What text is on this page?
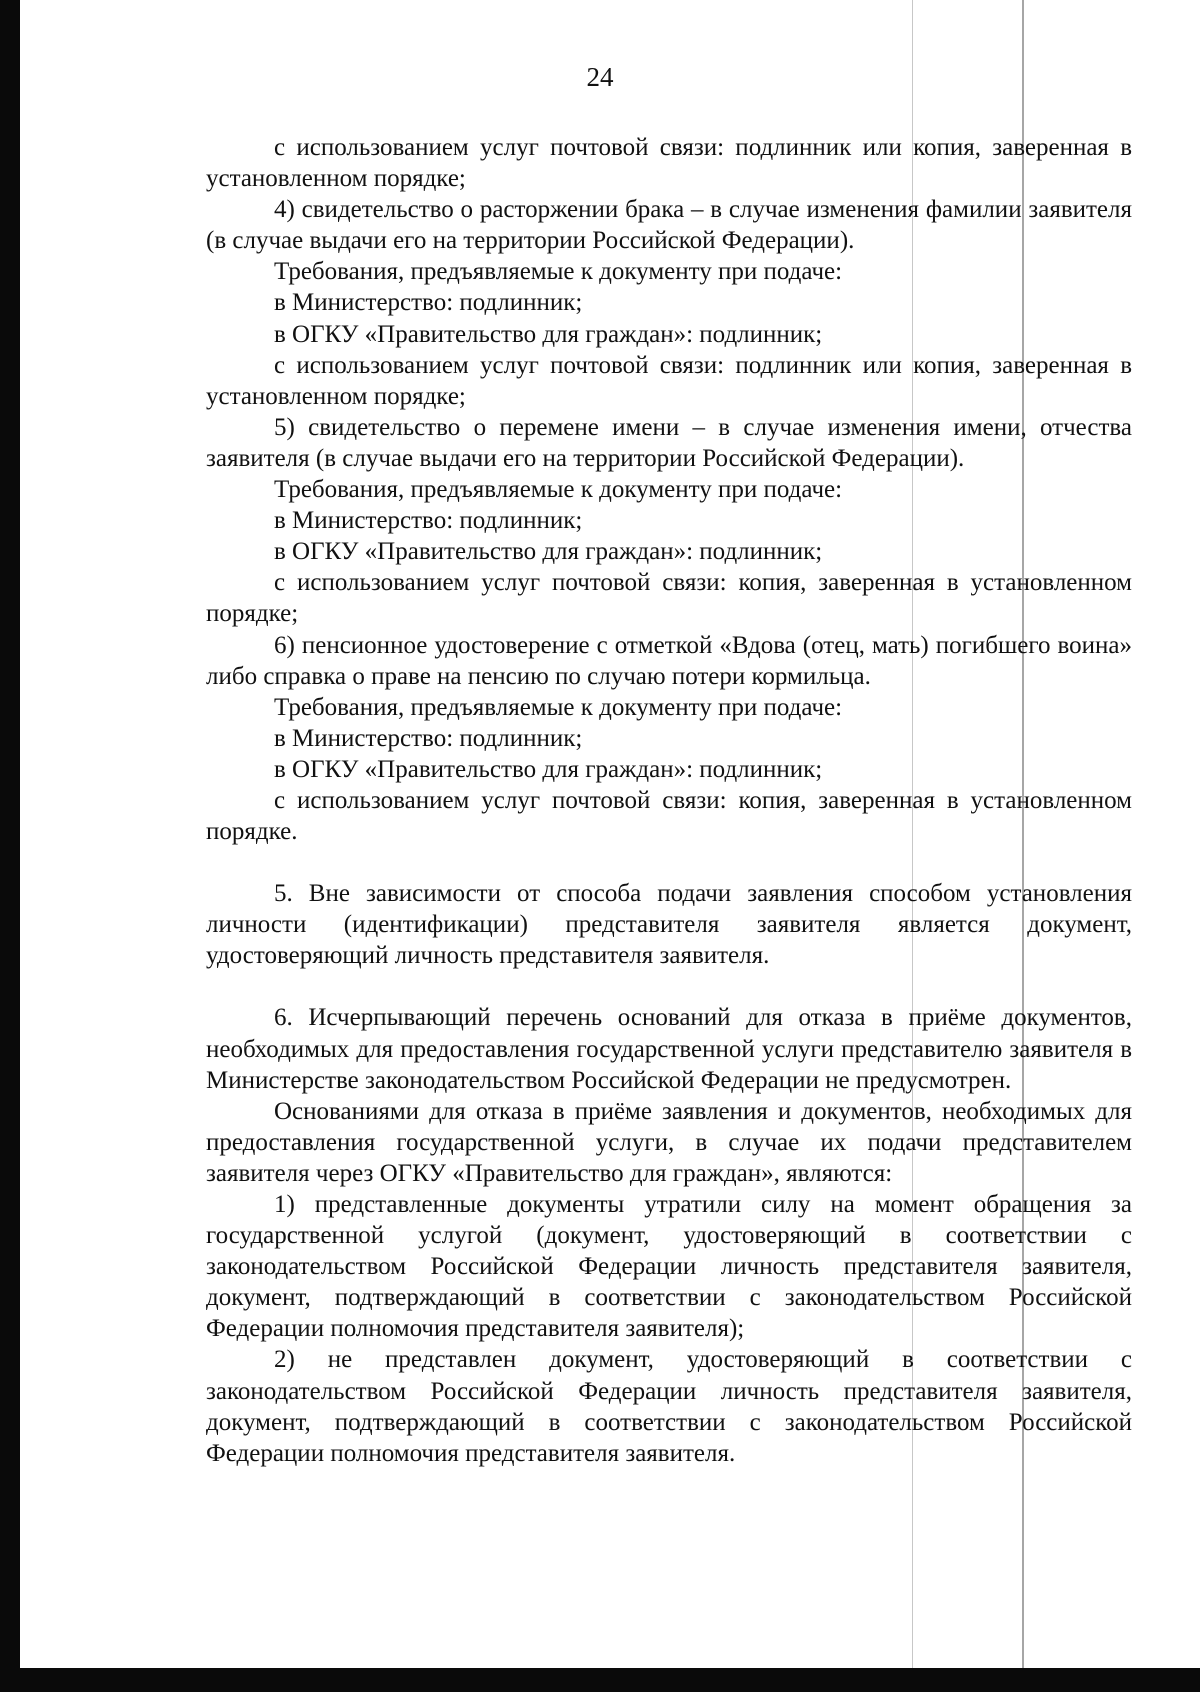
24

с использованием услуг почтовой связи: подлинник или копия, заверенная в установленном порядке;

4) свидетельство о расторжении брака – в случае изменения фамилии заявителя (в случае выдачи его на территории Российской Федерации).

Требования, предъявляемые к документу при подаче:

в Министерство: подлинник;

в ОГКУ «Правительство для граждан»: подлинник;

с использованием услуг почтовой связи: подлинник или копия, заверенная в установленном порядке;

5) свидетельство о перемене имени – в случае изменения имени, отчества заявителя (в случае выдачи его на территории Российской Федерации).

Требования, предъявляемые к документу при подаче:

в Министерство: подлинник;

в ОГКУ «Правительство для граждан»: подлинник;

с использованием услуг почтовой связи: копия, заверенная в установленном порядке;

6) пенсионное удостоверение с отметкой «Вдова (отец, мать) погибшего воина» либо справка о праве на пенсию по случаю потери кормильца.

Требования, предъявляемые к документу при подаче:

в Министерство: подлинник;

в ОГКУ «Правительство для граждан»: подлинник;

с использованием услуг почтовой связи: копия, заверенная в установленном порядке.

5. Вне зависимости от способа подачи заявления способом установления личности (идентификации) представителя заявителя является документ, удостоверяющий личность представителя заявителя.

6. Исчерпывающий перечень оснований для отказа в приёме документов, необходимых для предоставления государственной услуги представителю заявителя в Министерстве законодательством Российской Федерации не предусмотрен.

Основаниями для отказа в приёме заявления и документов, необходимых для предоставления государственной услуги, в случае их подачи представителем заявителя через ОГКУ «Правительство для граждан», являются:

1) представленные документы утратили силу на момент обращения за государственной услугой (документ, удостоверяющий в соответствии с законодательством Российской Федерации личность представителя заявителя, документ, подтверждающий в соответствии с законодательством Российской Федерации полномочия представителя заявителя);

2) не представлен документ, удостоверяющий в соответствии с законодательством Российской Федерации личность представителя заявителя, документ, подтверждающий в соответствии с законодательством Российской Федерации полномочия представителя заявителя.
